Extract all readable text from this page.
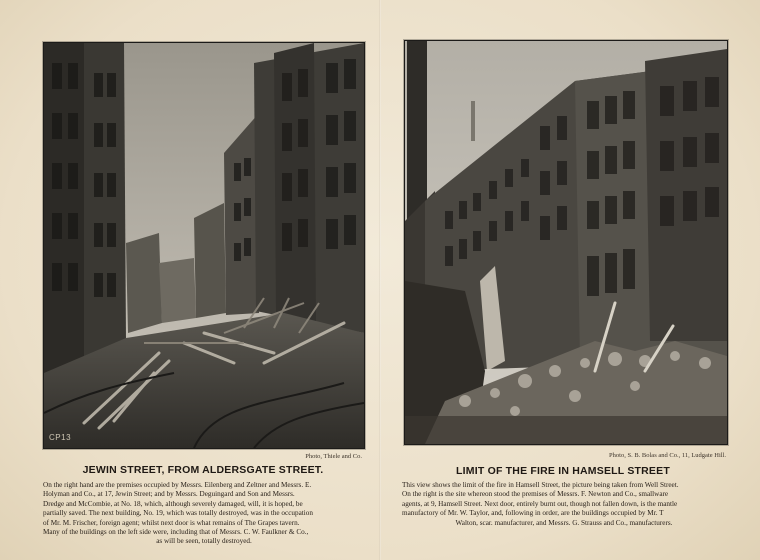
CP13
Photo, Thiele and Co.
JEWIN STREET, FROM ALDERSGATE STREET.
On the right hand are the premises occupied by Messrs. Eilenberg and Zeltner and Messrs. E.
Holyman and Co., at 17, Jewin Street; and by Messrs. Deguingard and Son and Messrs.
Dredge and McCombie, at No. 18, which, although severely damaged, will, it is hoped, be
partially saved. The next building, No. 19, which was totally destroyed, was in the occupation
of Mr. M. Frischer, foreign agent; whilst next door is what remains of The Grapes tavern.
Many of the buildings on the left side were, including that of Messrs. C. W. Faulkner & Co.,
as will be seen, totally destroyed.
Photo, S. B. Bolas and Co., 11, Ludgate Hill.
LIMIT OF THE FIRE IN HAMSELL STREET
This view shows the limit of the fire in Hamsell Street, the picture being taken from Well Street.
On the right is the site whereon stood the premises of Messrs. F. Newton and Co., smallware
agents, at 9, Hamsell Street. Next door, entirely burnt out, though not fallen down, is the mantle
manufactory of Mr. W. Taylor, and, following in order, are the buildings occupied by Mr. T
Walton, scar. manufacturer, and Messrs. G. Strauss and Co., manufacturers.
